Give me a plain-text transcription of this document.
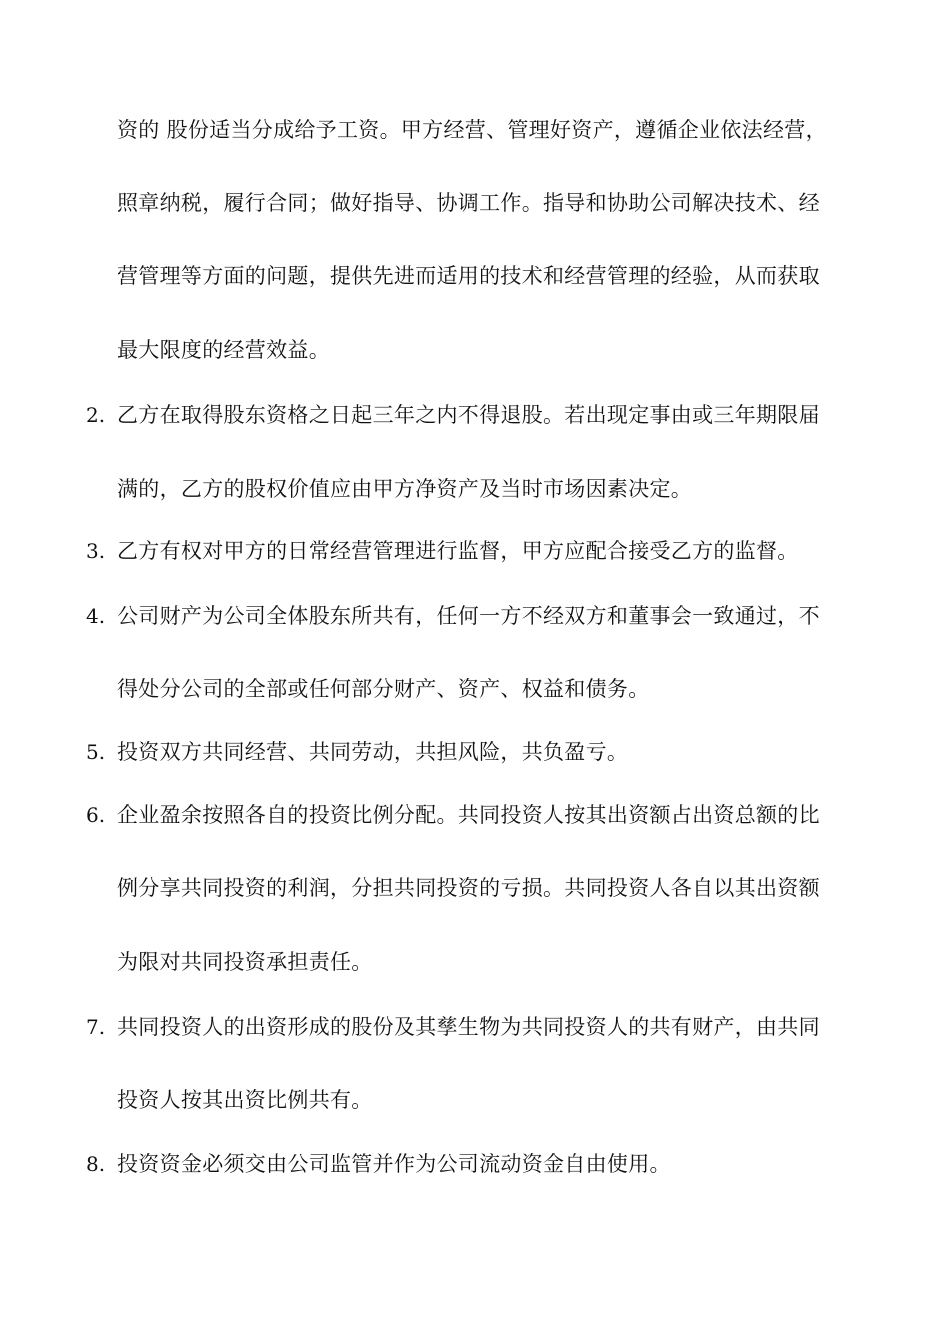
资的 股份适当分成给予工资。甲方经营、管理好资产，遵循企业依法经营，
照章纳税，履行合同；做好指导、协调工作。指导和协助公司解决技术、经
营管理等方面的问题，提供先进而适用的技术和经营管理的经验，从而获取
最大限度的经营效益。
2. 乙方在取得股东资格之日起三年之内不得退股。若出现定事由或三年期限届
满的，乙方的股权价值应由甲方净资产及当时市场因素决定。
3. 乙方有权对甲方的日常经营管理进行监督，甲方应配合接受乙方的监督。
4. 公司财产为公司全体股东所共有，任何一方不经双方和董事会一致通过，不
得处分公司的全部或任何部分财产、资产、权益和债务。
5. 投资双方共同经营、共同劳动，共担风险，共负盈亏。
6. 企业盈余按照各自的投资比例分配。共同投资人按其出资额占出资总额的比
例分享共同投资的利润，分担共同投资的亏损。共同投资人各自以其出资额
为限对共同投资承担责任。
7. 共同投资人的出资形成的股份及其孳生物为共同投资人的共有财产，由共同
投资人按其出资比例共有。
8. 投资资金必须交由公司监管并作为公司流动资金自由使用。
